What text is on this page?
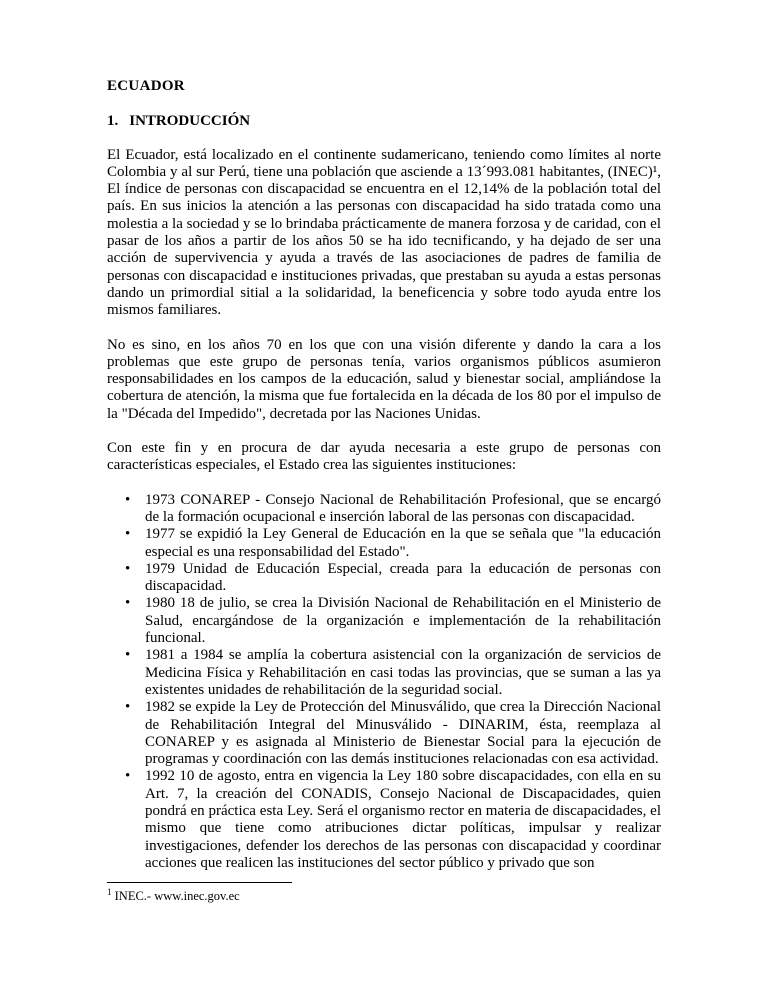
ECUADOR

1. INTRODUCCIÓN

El Ecuador, está localizado en el continente sudamericano, teniendo como límites al norte Colombia y al sur Perú, tiene una población que asciende a 13´993.081 habitantes, (INEC)¹, El índice de personas con discapacidad se encuentra en el 12,14% de la población total del país. En sus inicios la atención a las personas con discapacidad ha sido tratada como una molestia a la sociedad y se lo brindaba prácticamente de manera forzosa y de caridad, con el pasar de los años a partir de los años 50 se ha ido tecnificando, y ha dejado de ser una acción de supervivencia y ayuda a través de las asociaciones de padres de familia de personas con discapacidad e instituciones privadas, que prestaban su ayuda a estas personas dando un primordial sitial a la solidaridad, la beneficencia y sobre todo ayuda entre los mismos familiares.

No es sino, en los años 70 en los que con una visión diferente y dando la cara a los problemas que este grupo de personas tenía, varios organismos públicos asumieron responsabilidades en los campos de la educación, salud y bienestar social, ampliándose la cobertura de atención, la misma que fue fortalecida en la década de los 80 por el impulso de la "Década del Impedido", decretada por las Naciones Unidas.

Con este fin y en procura de dar ayuda necesaria a este grupo de personas con características especiales, el Estado crea las siguientes instituciones:

• 1973 CONAREP - Consejo Nacional de Rehabilitación Profesional, que se encargó de la formación ocupacional e inserción laboral de las personas con discapacidad.
• 1977 se expidió la Ley General de Educación en la que se señala que "la educación especial es una responsabilidad del Estado".
• 1979 Unidad de Educación Especial, creada para la educación de personas con discapacidad.
• 1980 18 de julio, se crea la División Nacional de Rehabilitación en el Ministerio de Salud, encargándose de la organización e implementación de la rehabilitación funcional.
• 1981 a 1984 se amplía la cobertura asistencial con la organización de servicios de Medicina Física y Rehabilitación en casi todas las provincias, que se suman a las ya existentes unidades de rehabilitación de la seguridad social.
• 1982 se expide la Ley de Protección del Minusválido, que crea la Dirección Nacional de Rehabilitación Integral del Minusválido - DINARIM, ésta, reemplaza al CONAREP y es asignada al Ministerio de Bienestar Social para la ejecución de programas y coordinación con las demás instituciones relacionadas con esa actividad.
• 1992 10 de agosto, entra en vigencia la Ley 180 sobre discapacidades, con ella en su Art. 7, la creación del CONADIS, Consejo Nacional de Discapacidades, quien pondrá en práctica esta Ley. Será el organismo rector en materia de discapacidades, el mismo que tiene como atribuciones dictar políticas, impulsar y realizar investigaciones, defender los derechos de las personas con discapacidad y coordinar acciones que realicen las instituciones del sector público y privado que son

$^1$ INEC.- www.inec.gov.ec
